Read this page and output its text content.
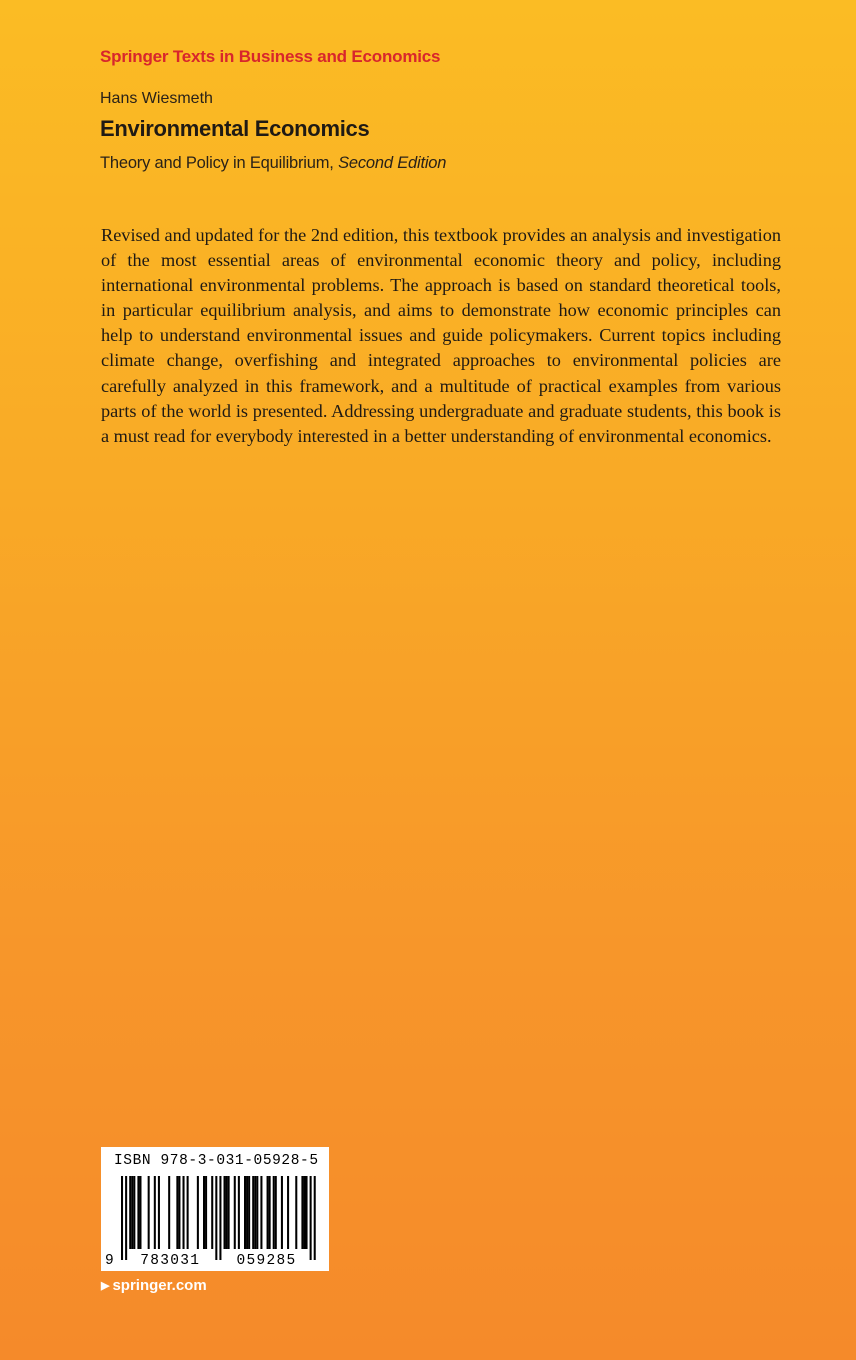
Springer Texts in Business and Economics
Hans Wiesmeth
Environmental Economics
Theory and Policy in Equilibrium, Second Edition
Revised and updated for the 2nd edition, this textbook provides an analysis and investigation of the most essential areas of environmental economic theory and policy, including international environmental problems. The approach is based on standard theoretical tools, in particular equilibrium analysis, and aims to demonstrate how economic principles can help to understand environmental issues and guide policymakers. Current topics including climate change, overfishing and integrated approaches to environmental policies are carefully analyzed in this framework, and a multitude of practical examples from various parts of the world is presented. Addressing undergraduate and graduate students, this book is a must read for everybody interested in a better understanding of environmental economics.
ISBN 978-3-031-05928-5
9 783031	059285
▶ springer.com
